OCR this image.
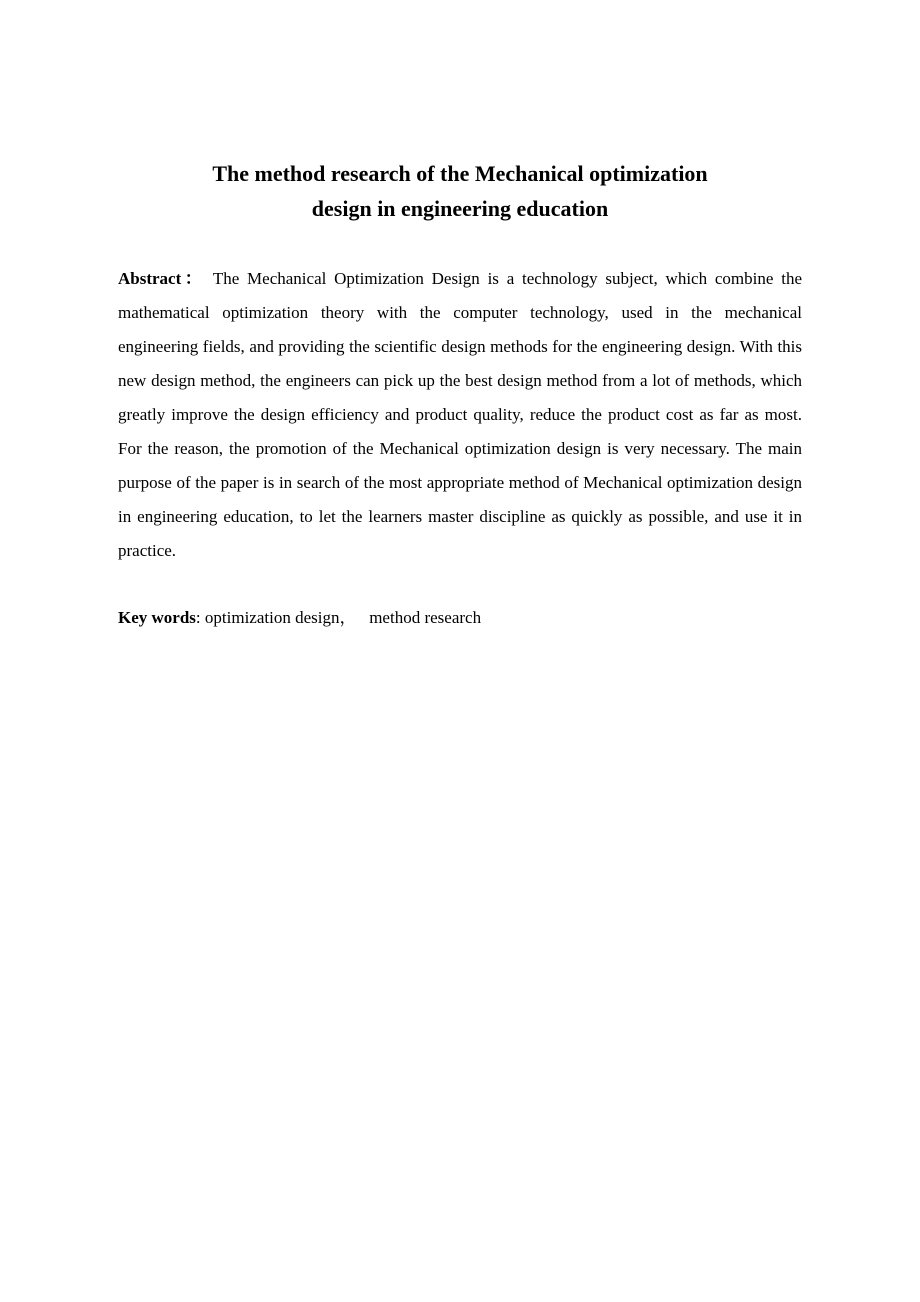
The method research of the Mechanical optimization
design in engineering education

Abstract： The Mechanical Optimization Design is a technology subject, which combine the mathematical optimization theory with the computer technology, used in the mechanical engineering fields, and providing the scientific design methods for the engineering design. With this new design method, the engineers can pick up the best design method from a lot of methods, which greatly improve the design efficiency and product quality, reduce the product cost as far as most. For the reason, the promotion of the Mechanical optimization design is very necessary. The main purpose of the paper is in search of the most appropriate method of Mechanical optimization design in engineering education, to let the learners master discipline as quickly as possible, and use it in practice.

Key words: optimization design，   method research
